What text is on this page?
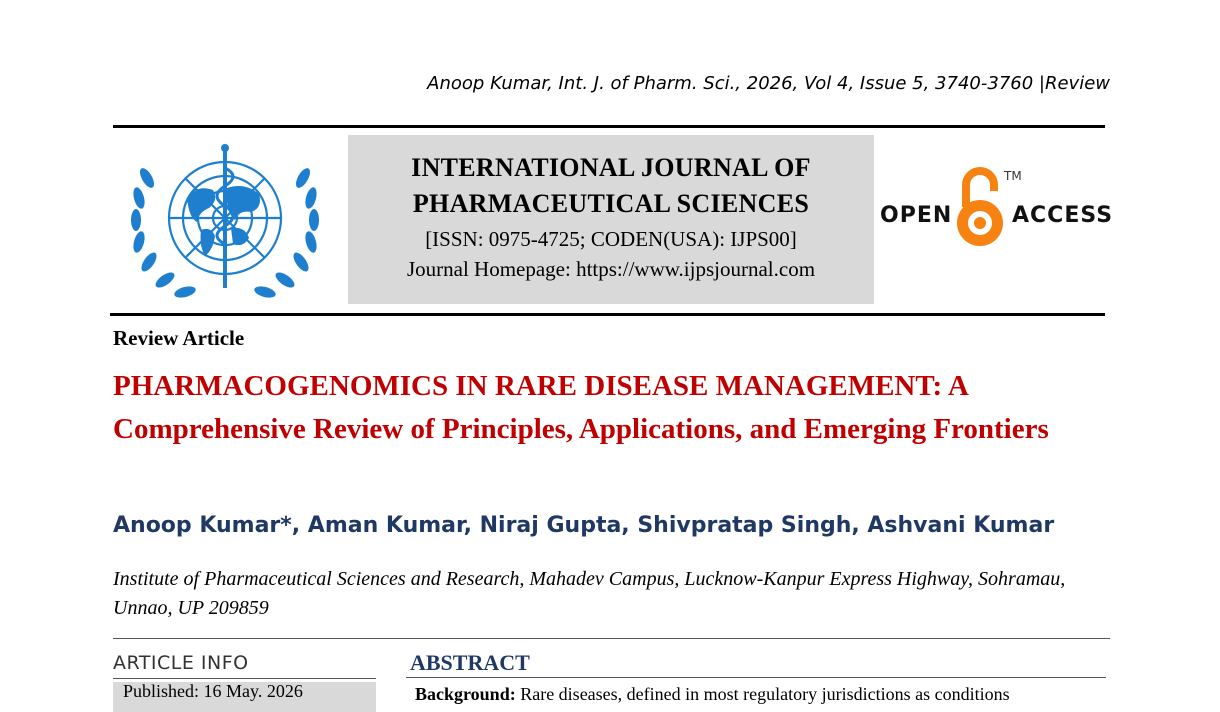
Anoop Kumar, Int. J. of Pharm. Sci., 2026, Vol 4, Issue 5, 3740-3760 |Review
INTERNATIONAL JOURNAL OF
PHARMACEUTICAL SCIENCES
[ISSN: 0975-4725; CODEN(USA): IJPS00]
Journal Homepage: https://www.ijpsjournal.com
OPEN
TM
ACCESS
Review Article
PHARMACOGENOMICS IN RARE DISEASE MANAGEMENT: A Comprehensive Review of Principles, Applications, and Emerging Frontiers
Anoop Kumar*, Aman Kumar, Niraj Gupta, Shivpratap Singh, Ashvani Kumar
Institute of Pharmaceutical Sciences and Research, Mahadev Campus, Lucknow-Kanpur Express Highway, Sohramau, Unnao, UP 209859
ARTICLE INFO
Published: 16 May. 2026
ABSTRACT
Background: Rare diseases, defined in most regulatory jurisdictions as conditions
